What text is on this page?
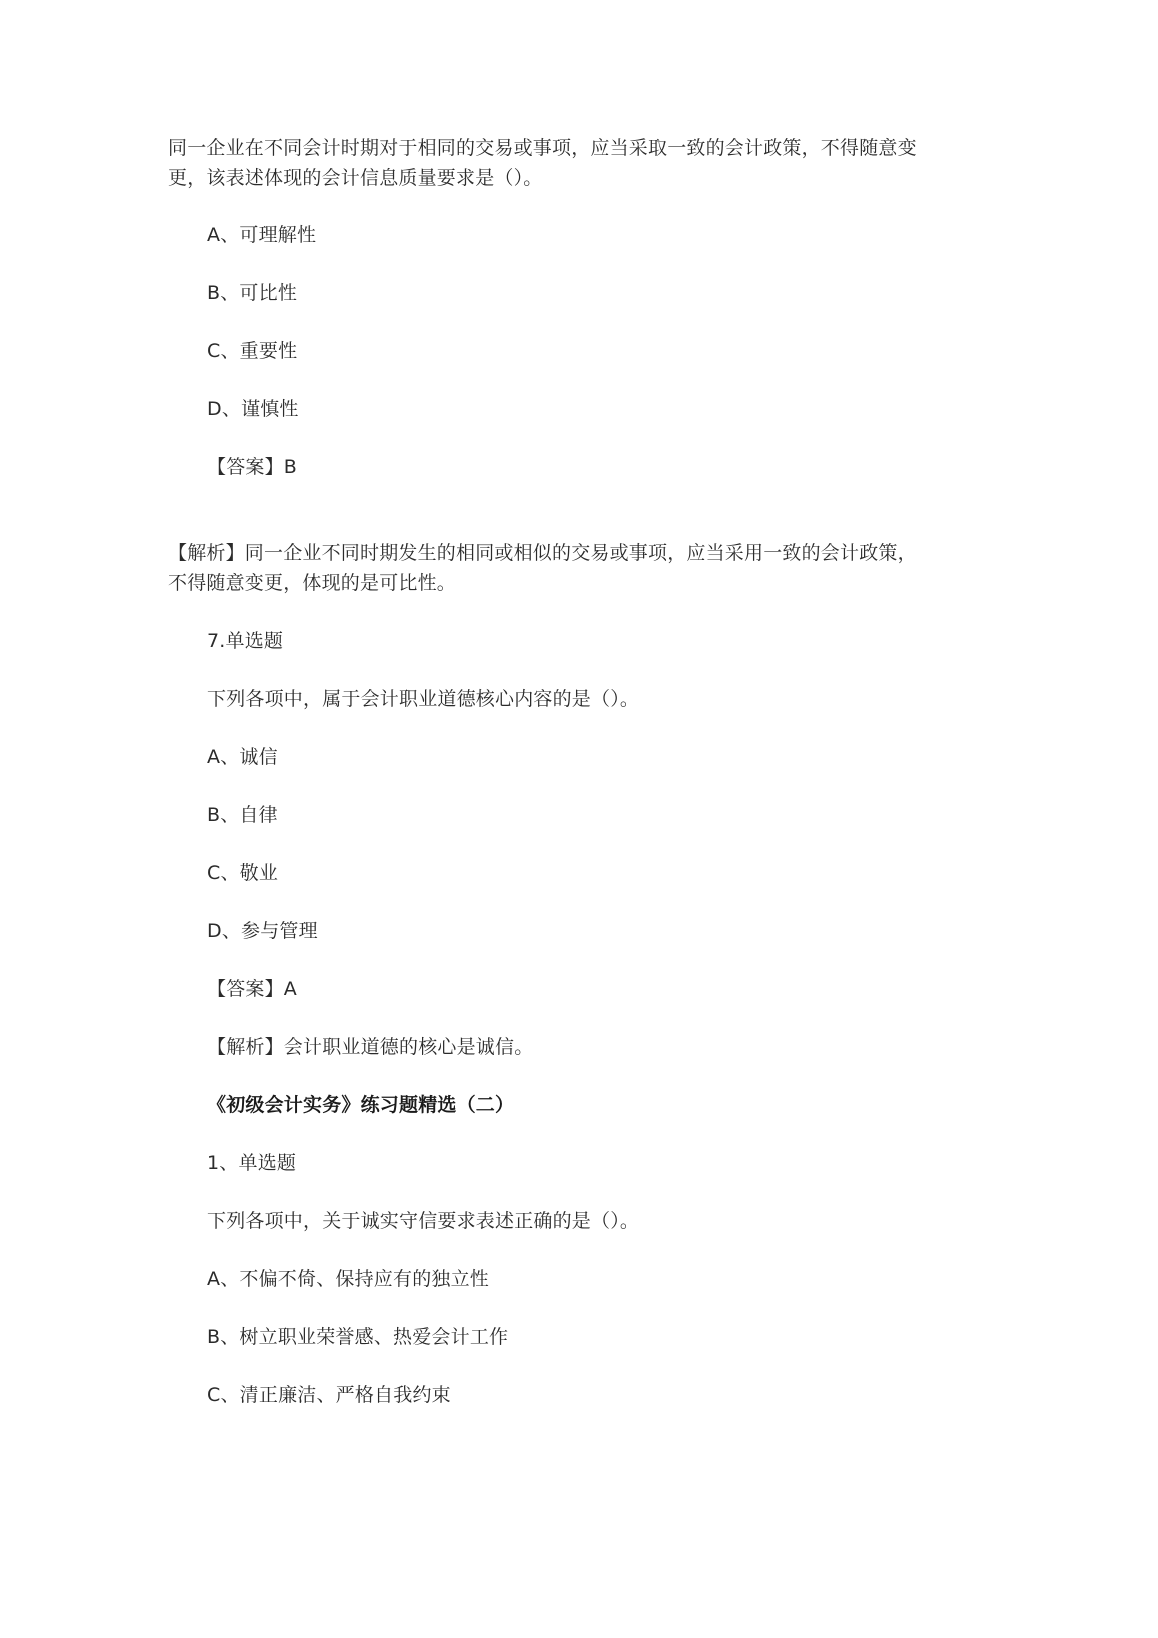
同一企业在不同会计时期对于相同的交易或事项，应当采取一致的会计政策，不得随意变
更，该表述体现的会计信息质量要求是（）。
A、可理解性
B、可比性
C、重要性
D、谨慎性
【答案】B
【解析】同一企业不同时期发生的相同或相似的交易或事项，应当采用一致的会计政策，
不得随意变更，体现的是可比性。
7.单选题
下列各项中，属于会计职业道德核心内容的是（）。
A、诚信
B、自律
C、敬业
D、参与管理
【答案】A
【解析】会计职业道德的核心是诚信。
《初级会计实务》练习题精选（二）
1、单选题
下列各项中，关于诚实守信要求表述正确的是（）。
A、不偏不倚、保持应有的独立性
B、树立职业荣誉感、热爱会计工作
C、清正廉洁、严格自我约束
